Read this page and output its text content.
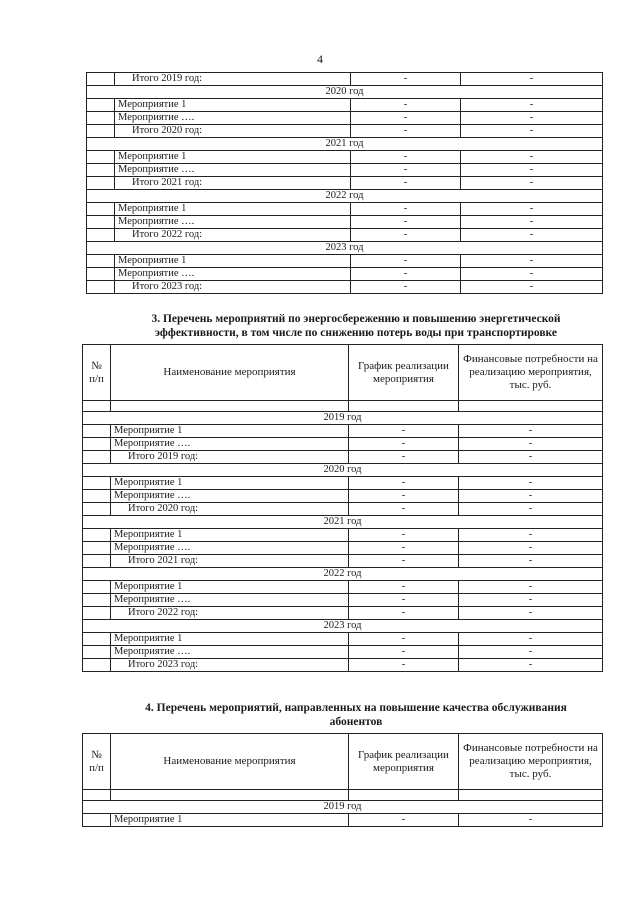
4
	Итого 2019 год:	-	-
2020 год			
	Мероприятие 1	-	-
	Мероприятие ….	-	-
	Итого 2020 год:	-	-
2021 год			
	Мероприятие 1	-	-
	Мероприятие ….	-	-
	Итого 2021 год:	-	-
2022 год			
	Мероприятие 1	-	-
	Мероприятие ….	-	-
	Итого 2022 год:	-	-
2023 год			
	Мероприятие 1	-	-
	Мероприятие ….	-	-
	Итого 2023 год:	-	-
3. Перечень мероприятий по энергосбережению и повышению энергетической
эффективности, в том числе по снижению потерь воды при транспортировке
№ п/п	Наименование мероприятия	График реализации мероприятия	Финансовые потребности на реализацию мероприятия, тыс. руб.

2019 год			
	Мероприятие 1	-	-
	Мероприятие ….	-	-
	Итого 2019 год:	-	-
2020 год			
	Мероприятие 1	-	-
	Мероприятие ….	-	-
	Итого 2020 год:	-	-
2021 год			
	Мероприятие 1	-	-
	Мероприятие ….	-	-
	Итого 2021 год:	-	-
2022 год			
	Мероприятие 1	-	-
	Мероприятие ….	-	-
	Итого 2022 год:	-	-
2023 год			
	Мероприятие 1	-	-
	Мероприятие ….	-	-
	Итого 2023 год:	-	-
4. Перечень мероприятий, направленных на повышение качества обслуживания
абонентов
№ п/п	Наименование мероприятия	График реализации мероприятия	Финансовые потребности на реализацию мероприятия, тыс. руб.

2019 год			
	Мероприятие 1	-	-
